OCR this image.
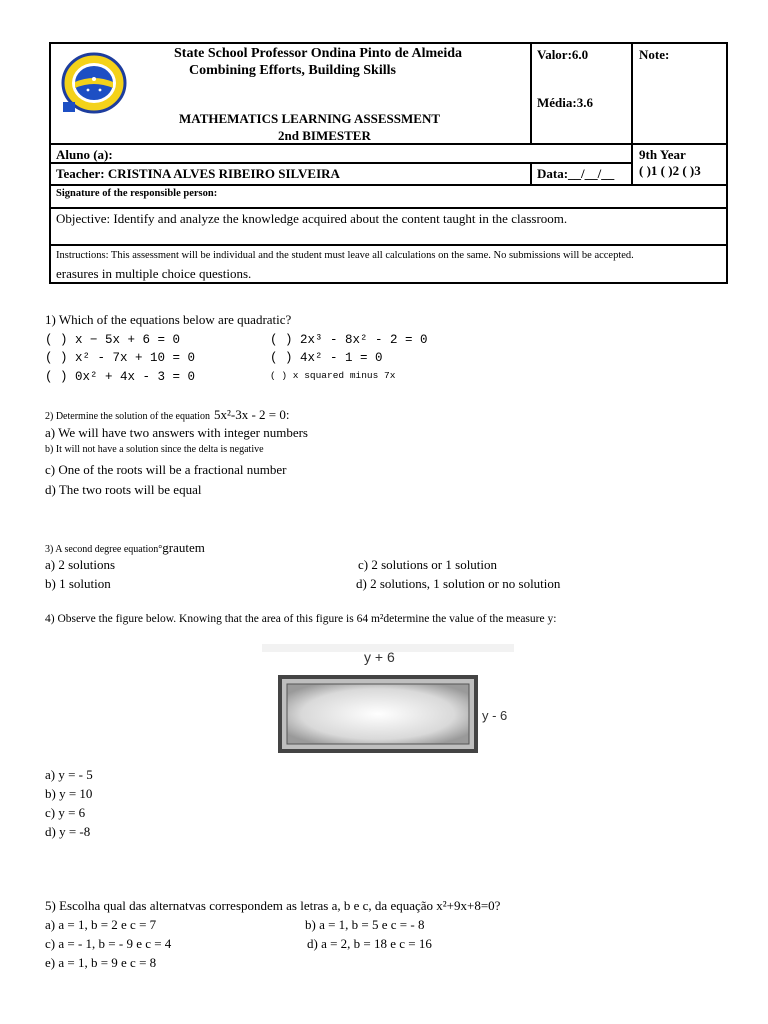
State School Professor Ondina Pinto de Almeida
Combining Efforts, Building Skills
MATHEMATICS LEARNING ASSESSMENT
2nd BIMESTER
Valor:6.0
Média:3.6
Note:
Aluno (a):
Teacher: CRISTINA ALVES RIBEIRO SILVEIRA	Data:__/__/__
9th Year
( )1 ( )2 ( )3
Signature of the responsible person:
Objective: Identify and analyze the knowledge acquired about the content taught in the classroom.
Instructions: This assessment will be individual and the student must leave all calculations on the same. No submissions will be accepted.
erasures in multiple choice questions.
1) Which of the equations below are quadratic?
( ) x − 5x + 6 = 0
( ) x² - 7x + 10 = 0
( ) 0x² + 4x - 3 = 0
( ) 2x³ - 8x² - 2 = 0
( ) 4x² - 1 = 0
( ) x squared minus 7x
2) Determine the solution of the equation 5x²-3x - 2 = 0:
a) We will have two answers with integer numbers
b) It will not have a solution since the delta is negative
c) One of the roots will be a fractional number
d) The two roots will be equal
3) A second degree equation°grautem
a) 2 solutions
b) 1 solution
c) 2 solutions or 1 solution
d) 2 solutions, 1 solution or no solution
4) Observe the figure below. Knowing that the area of this figure is 64 m²determine the value of the measure y:
y + 6
y - 6
a) y = - 5
b) y = 10
c) y = 6
d) y = -8
5) Escolha qual das alternatvas correspondem as letras a, b e c, da equação x²+9x+8=0?
a) a = 1, b = 2 e c = 7	b) a = 1, b = 5 e c = - 8
c) a = - 1, b = - 9 e c = 4	d) a = 2, b = 18 e c = 16
e) a = 1, b = 9 e c = 8
